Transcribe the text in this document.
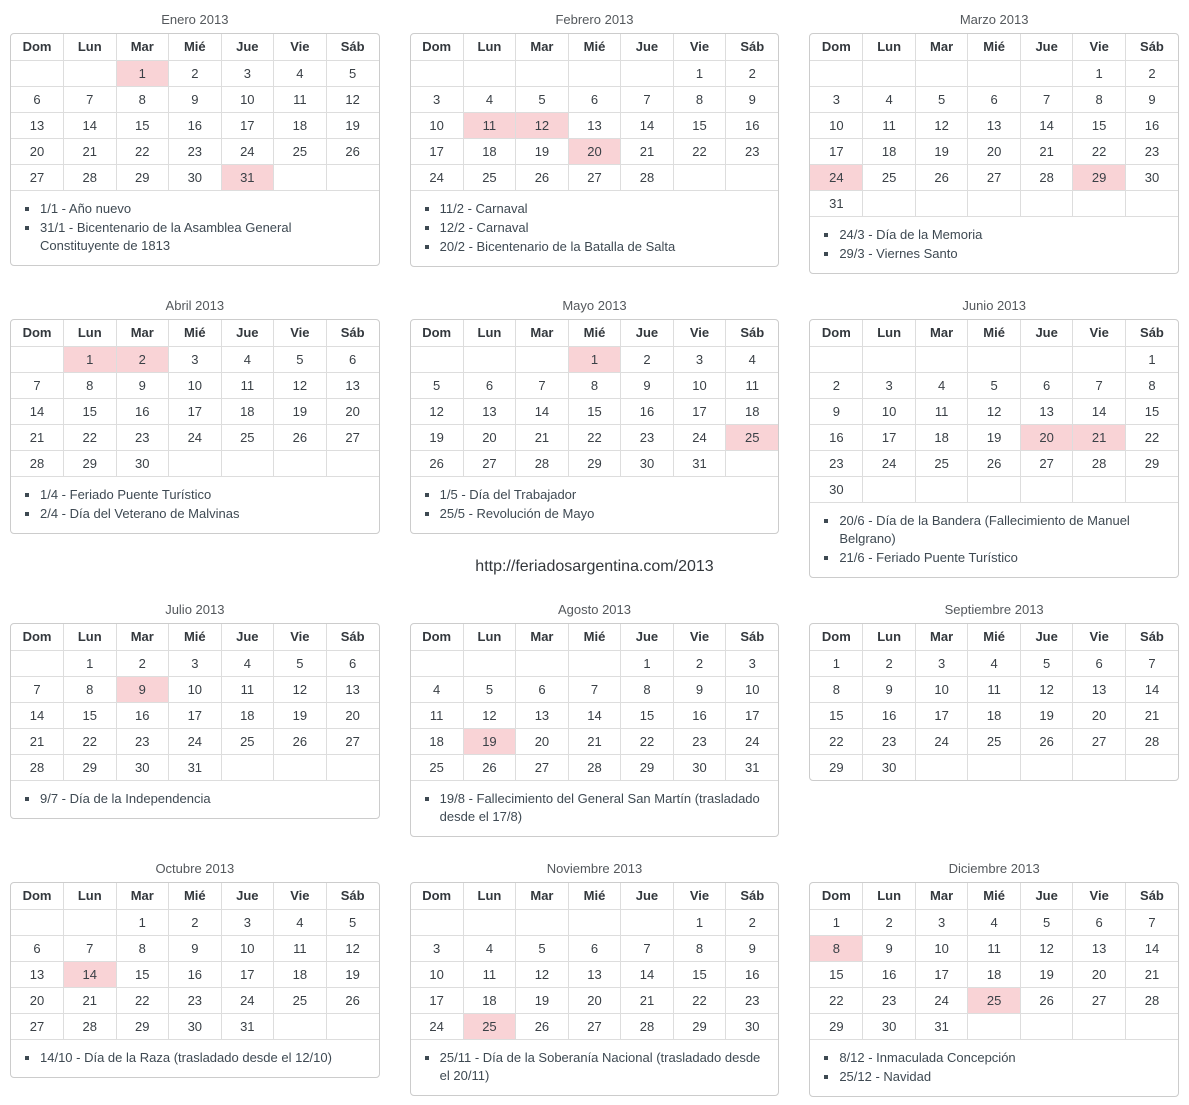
Enero 2013
Dom	Lun	Mar	Mié	Jue	Vie	Sáb
		1	2	3	4	5
6	7	8	9	10	11	12
13	14	15	16	17	18	19
20	21	22	23	24	25	26
27	28	29	30	31		
▪ 1/1 - Año nuevo
▪ 31/1 - Bicentenario de la Asamblea General Constituyente de 1813
Febrero 2013
Dom	Lun	Mar	Mié	Jue	Vie	Sáb
					1	2
3	4	5	6	7	8	9
10	11	12	13	14	15	16
17	18	19	20	21	22	23
24	25	26	27	28		
▪ 11/2 - Carnaval
▪ 12/2 - Carnaval
▪ 20/2 - Bicentenario de la Batalla de Salta
Marzo 2013
Dom	Lun	Mar	Mié	Jue	Vie	Sáb
					1	2
3	4	5	6	7	8	9
10	11	12	13	14	15	16
17	18	19	20	21	22	23
24	25	26	27	28	29	30
31						
▪ 24/3 - Día de la Memoria
▪ 29/3 - Viernes Santo
Abril 2013
Dom	Lun	Mar	Mié	Jue	Vie	Sáb
	1	2	3	4	5	6
7	8	9	10	11	12	13
14	15	16	17	18	19	20
21	22	23	24	25	26	27
28	29	30				
▪ 1/4 - Feriado Puente Turístico
▪ 2/4 - Día del Veterano de Malvinas
Mayo 2013
Dom	Lun	Mar	Mié	Jue	Vie	Sáb
			1	2	3	4
5	6	7	8	9	10	11
12	13	14	15	16	17	18
19	20	21	22	23	24	25
26	27	28	29	30	31	
▪ 1/5 - Día del Trabajador
▪ 25/5 - Revolución de Mayo
http://feriadosargentina.com/2013
Junio 2013
Dom	Lun	Mar	Mié	Jue	Vie	Sáb
						1
2	3	4	5	6	7	8
9	10	11	12	13	14	15
16	17	18	19	20	21	22
23	24	25	26	27	28	29
30						
▪ 20/6 - Día de la Bandera (Fallecimiento de Manuel Belgrano)
▪ 21/6 - Feriado Puente Turístico
Julio 2013
Dom	Lun	Mar	Mié	Jue	Vie	Sáb
	1	2	3	4	5	6
7	8	9	10	11	12	13
14	15	16	17	18	19	20
21	22	23	24	25	26	27
28	29	30	31			
▪ 9/7 - Día de la Independencia
Agosto 2013
Dom	Lun	Mar	Mié	Jue	Vie	Sáb
				1	2	3
4	5	6	7	8	9	10
11	12	13	14	15	16	17
18	19	20	21	22	23	24
25	26	27	28	29	30	31
▪ 19/8 - Fallecimiento del General San Martín (trasladado desde el 17/8)
Septiembre 2013
Dom	Lun	Mar	Mié	Jue	Vie	Sáb
1	2	3	4	5	6	7
8	9	10	11	12	13	14
15	16	17	18	19	20	21
22	23	24	25	26	27	28
29	30					
Octubre 2013
Dom	Lun	Mar	Mié	Jue	Vie	Sáb
		1	2	3	4	5
6	7	8	9	10	11	12
13	14	15	16	17	18	19
20	21	22	23	24	25	26
27	28	29	30	31		
▪ 14/10 - Día de la Raza (trasladado desde el 12/10)
Noviembre 2013
Dom	Lun	Mar	Mié	Jue	Vie	Sáb
					1	2
3	4	5	6	7	8	9
10	11	12	13	14	15	16
17	18	19	20	21	22	23
24	25	26	27	28	29	30
▪ 25/11 - Día de la Soberanía Nacional (trasladado desde el 20/11)
Diciembre 2013
Dom	Lun	Mar	Mié	Jue	Vie	Sáb
1	2	3	4	5	6	7
8	9	10	11	12	13	14
15	16	17	18	19	20	21
22	23	24	25	26	27	28
29	30	31				
▪ 8/12 - Inmaculada Concepción
▪ 25/12 - Navidad
